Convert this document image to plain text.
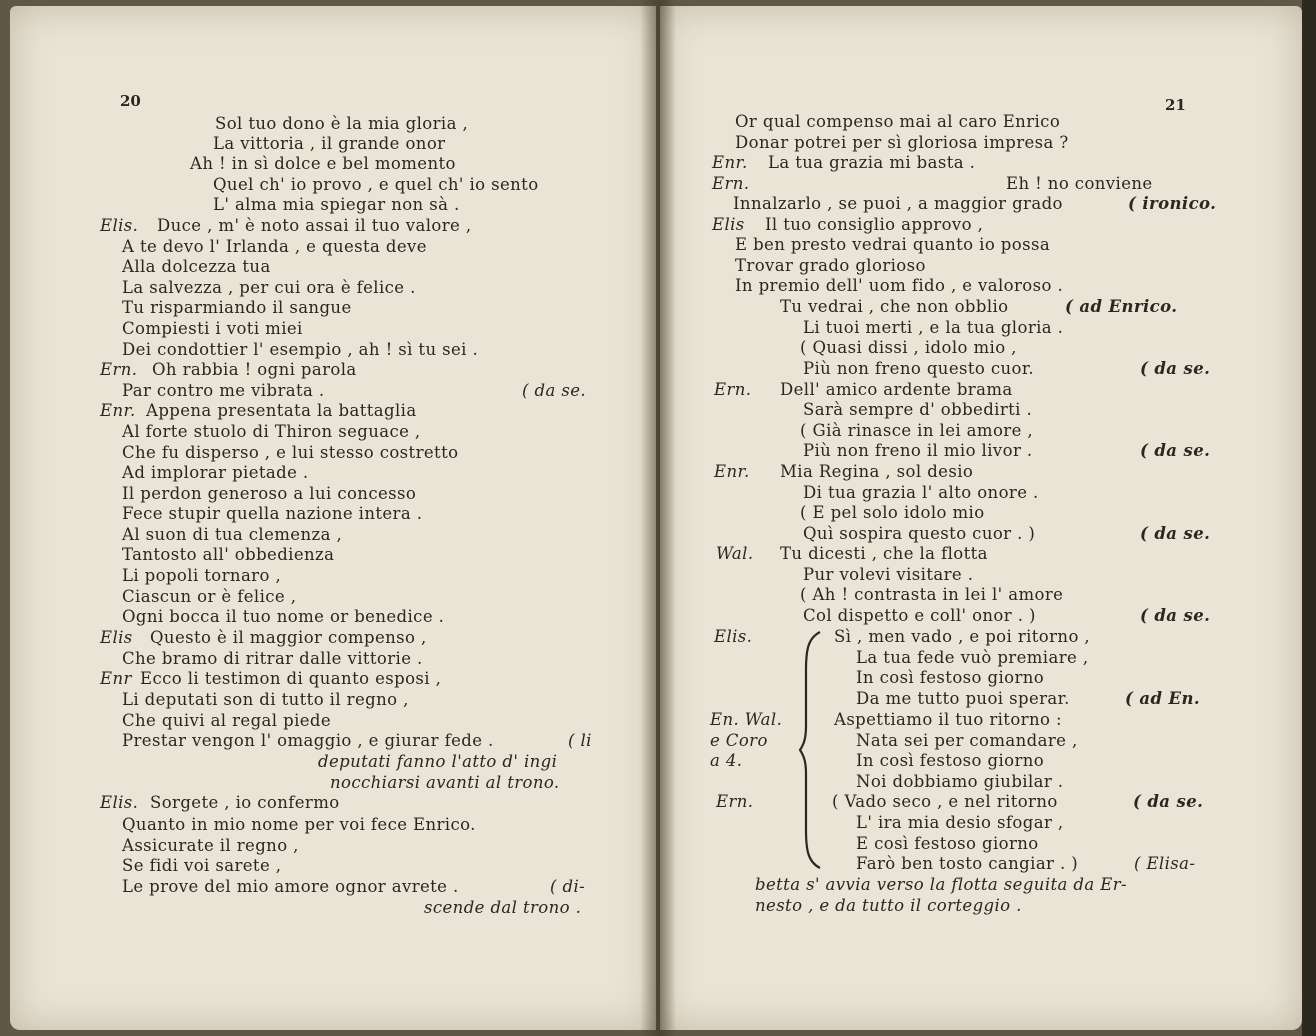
20
Sol tuo dono è la mia gloria ,
La vittoria , il grande onor
Ah ! in sì dolce e bel momento
Quel ch' io provo , e quel ch' io sento
L' alma mia spiegar non sà .
Elis. Duce , m' è noto assai il tuo valore ,
A te devo l' Irlanda , e questa deve
Alla dolcezza tua
La salvezza , per cui ora è felice .
Tu risparmiando il sangue
Compiesti i voti miei
Dei condottier l' esempio , ah ! sì tu sei .
Ern. Oh rabbia ! ogni parola
Par contro me vibrata .	( da se.
Enr. Appena presentata la battaglia
Al forte stuolo di Thiron seguace ,
Che fu disperso , e lui stesso costretto
Ad implorar pietade .
Il perdon generoso a lui concesso
Fece stupir quella nazione intera .
Al suon di tua clemenza ,
Tantosto all' obbedienza
Li popoli tornaro ,
Ciascun or è felice ,
Ogni bocca il tuo nome or benedice .
Elis Questo è il maggior compenso ,
Che bramo di ritrar dalle vittorie .
Enr Ecco li testimon di quanto esposi ,
Li deputati son di tutto il regno ,
Che quivi al regal piede
Prestar vengon l' omaggio , e giurar fede .	( li
deputati fanno l'atto d' ingi
nocchiarsi avanti al trono.
Elis. Sorgete , io confermo
Quanto in mio nome per voi fece Enrico.
Assicurate il regno ,
Se fidi voi sarete ,
Le prove del mio amore ognor avrete .	( di-
scende dal trono .
21
Or qual compenso mai al caro Enrico
Donar potrei per sì gloriosa impresa ?
Enr. La tua grazia mi basta .
Ern.	Eh ! no conviene
Innalzarlo , se puoi , a maggior grado	( ironico.
Elis Il tuo consiglio approvo ,
E ben presto vedrai quanto io possa
Trovar grado glorioso
In premio dell' uom fido , e valoroso .
Tu vedrai , che non obblio	( ad Enrico.
Li tuoi merti , e la tua gloria .
( Quasi dissi , idolo mio ,
Più non freno questo cuor.	( da se.
Ern. Dell' amico ardente brama
Sarà sempre d' obbedirti .
( Già rinasce in lei amore ,
Più non freno il mio livor .	( da se.
Enr. Mia Regina , sol desio
Di tua grazia l' alto onore .
( E pel solo idolo mio
Quì sospira questo cuor . )	( da se.
Wal. Tu dicesti , che la flotta
Pur volevi visitare .
( Ah ! contrasta in lei l' amore
Col dispetto e coll' onor . )	( da se.
Elis.	Sì , men vado , e poi ritorno ,
La tua fede vuò premiare ,
In così festoso giorno
Da me tutto puoi sperar.	( ad En.
En. Wal.	Aspettiamo il tuo ritorno :
e Coro	Nata sei per comandare ,
a 4.	In così festoso giorno
Noi dobbiamo giubilar .
Ern.	( Vado seco , e nel ritorno	( da se.
L' ira mia desio sfogar ,
E così festoso giorno
Farò ben tosto cangiar . )	( Elisa-
betta s' avvia verso la flotta seguita da Er-
nesto , e da tutto il corteggio .
